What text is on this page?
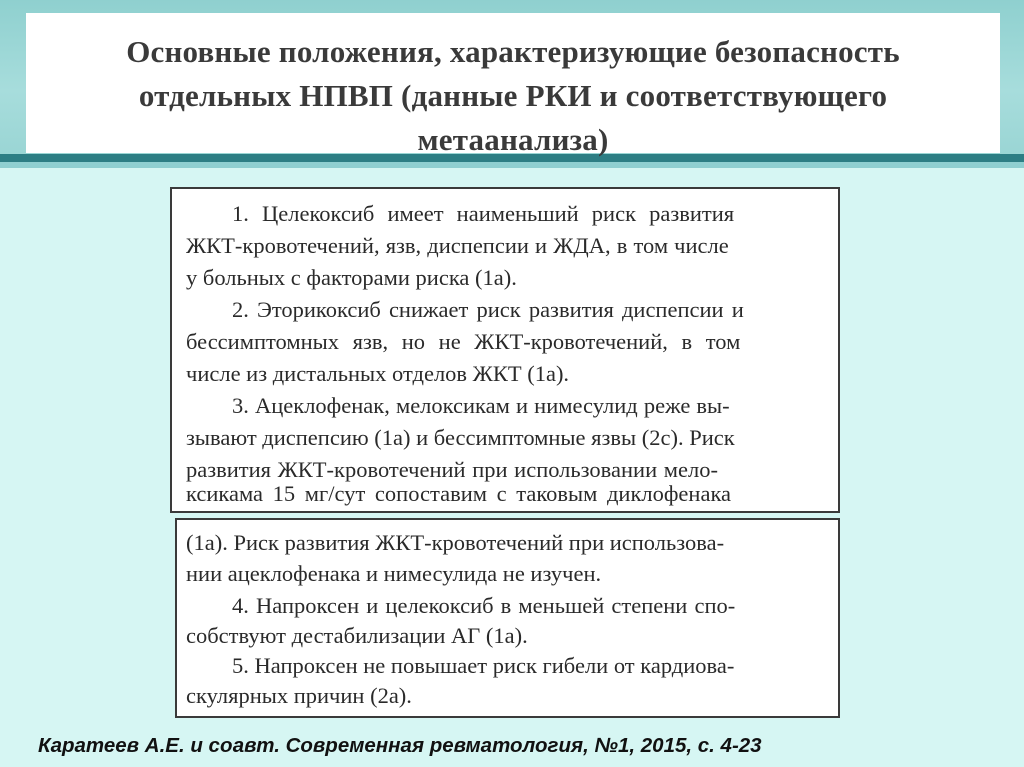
Основные положения, характеризующие безопасность
отдельных НПВП (данные РКИ и соответствующего
метаанализа)
1. Целекоксиб имеет наименьший риск развития
ЖКТ-кровотечений, язв, диспепсии и ЖДА, в том числе
у больных с факторами риска (1а).
2. Эторикоксиб снижает риск развития диспепсии и
бессимптомных язв, но не ЖКТ-кровотечений, в том
числе из дистальных отделов ЖКТ (1а).
3. Ацеклофенак, мелоксикам и нимесулид реже вы-
зывают диспепсию (1а) и бессимптомные язвы (2с). Риск
развития ЖКТ-кровотечений при использовании мело-
ксикама 15 мг/сут сопоставим с таковым диклофенака
(1а). Риск развития ЖКТ-кровотечений при использова-
нии ацеклофенака и нимесулида не изучен.
4. Напроксен и целекоксиб в меньшей степени спо-
собствуют дестабилизации АГ (1а).
5. Напроксен не повышает риск гибели от кардиова-
скулярных причин (2а).
Каратеев А.Е. и соавт. Современная ревматология, №1, 2015, с. 4-23
